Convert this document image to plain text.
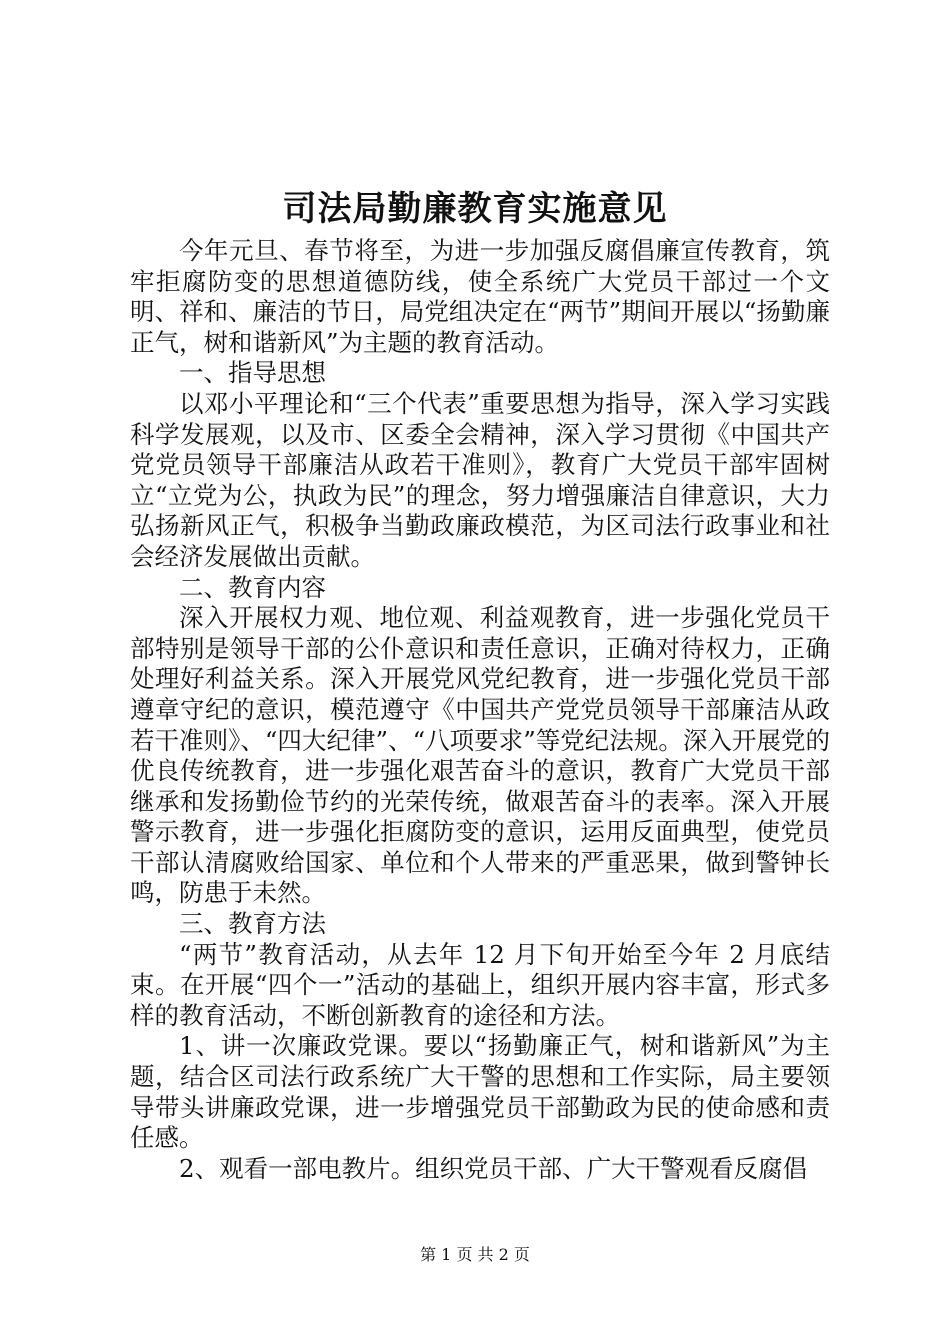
司法局勤廉教育实施意见

今年元旦、春节将至，为进一步加强反腐倡廉宣传教育，筑牢拒腐防变的思想道德防线，使全系统广大党员干部过一个文明、祥和、廉洁的节日，局党组决定在“两节”期间开展以“扬勤廉正气，树和谐新风”为主题的教育活动。

一、指导思想

以邓小平理论和“三个代表”重要思想为指导，深入学习实践科学发展观，以及市、区委全会精神，深入学习贯彻《中国共产党党员领导干部廉洁从政若干准则》，教育广大党员干部牢固树立“立党为公，执政为民”的理念，努力增强廉洁自律意识，大力弘扬新风正气，积极争当勤政廉政模范，为区司法行政事业和社会经济发展做出贡献。

二、教育内容

深入开展权力观、地位观、利益观教育，进一步强化党员干部特别是领导干部的公仆意识和责任意识，正确对待权力，正确处理好利益关系。深入开展党风党纪教育，进一步强化党员干部遵章守纪的意识，模范遵守《中国共产党党员领导干部廉洁从政若干准则》、“四大纪律”、“八项要求”等党纪法规。深入开展党的优良传统教育，进一步强化艰苦奋斗的意识，教育广大党员干部继承和发扬勤俭节约的光荣传统，做艰苦奋斗的表率。深入开展警示教育，进一步强化拒腐防变的意识，运用反面典型，使党员干部认清腐败给国家、单位和个人带来的严重恶果，做到警钟长鸣，防患于未然。

三、教育方法

“两节”教育活动，从去年 12 月下旬开始至今年 2 月底结束。在开展“四个一”活动的基础上，组织开展内容丰富，形式多样的教育活动，不断创新教育的途径和方法。

1、讲一次廉政党课。要以“扬勤廉正气，树和谐新风”为主题，结合区司法行政系统广大干警的思想和工作实际，局主要领导带头讲廉政党课，进一步增强党员干部勤政为民的使命感和责任感。

2、观看一部电教片。组织党员干部、广大干警观看反腐倡

第 1 页 共 2 页
